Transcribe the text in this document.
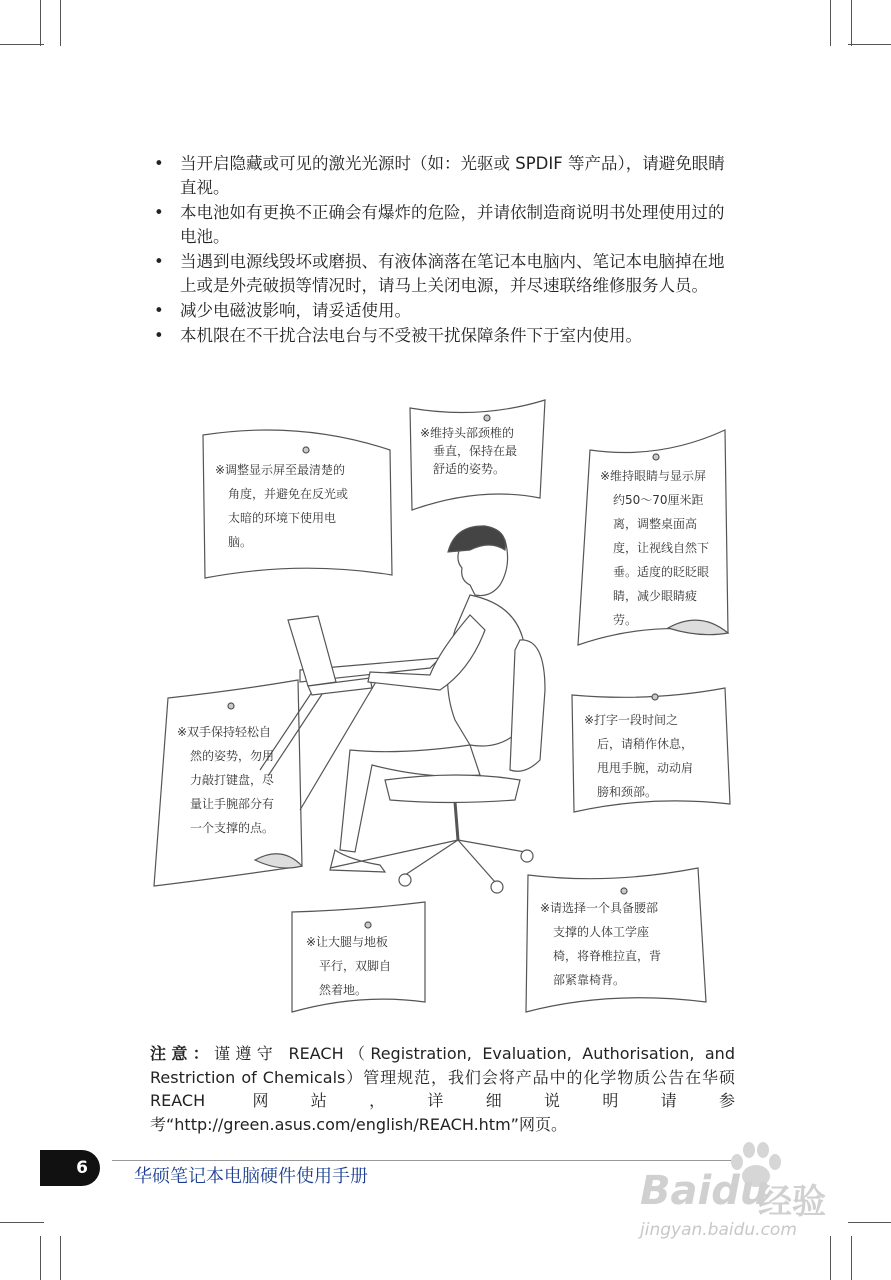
• 当开启隐藏或可见的激光光源时（如：光驱或 SPDIF 等产品），请避免眼睛直视。
• 本电池如有更换不正确会有爆炸的危险，并请依制造商说明书处理使用过的电池。
• 当遇到电源线毁坏或磨损、有液体滴落在笔记本电脑内、笔记本电脑掉在地上或是外壳破损等情况时，请马上关闭电源，并尽速联络维修服务人员。
• 减少电磁波影响，请妥适使用。
• 本机限在不干扰合法电台与不受被干扰保障条件下于室内使用。
※调整显示屏至最清楚的
角度，并避免在反光或
太暗的环境下使用电
脑。
※维持头部颈椎的
垂直，保持在最
舒适的姿势。	※维持眼睛与显示屏
约50～70厘米距
离，调整桌面高
度，让视线自然下
垂。适度的眨眨眼
睛，减少眼睛疲
劳。
※双手保持轻松自
然的姿势，勿用
力敲打键盘，尽
量让手腕部分有
一个支撑的点。
※打字一段时间之
后，请稍作休息，
甩甩手腕，动动肩
膀和颈部。
※让大腿与地板
平行，双脚自
然着地。
※请选择一个具备腰部
支撑的人体工学座
椅，将脊椎拉直，背
部紧靠椅背。
注意：谨遵守 REACH（Registration, Evaluation, Authorisation, and Restriction of Chemicals）管理规范，我们会将产品中的化学物质公告在华硕 REACH 网站，详细说明请参考“http://green.asus.com/english/REACH.htm”网页。
6	华硕笔记本电脑硬件使用手册	Baidu
经验
jingyan.baidu.com
